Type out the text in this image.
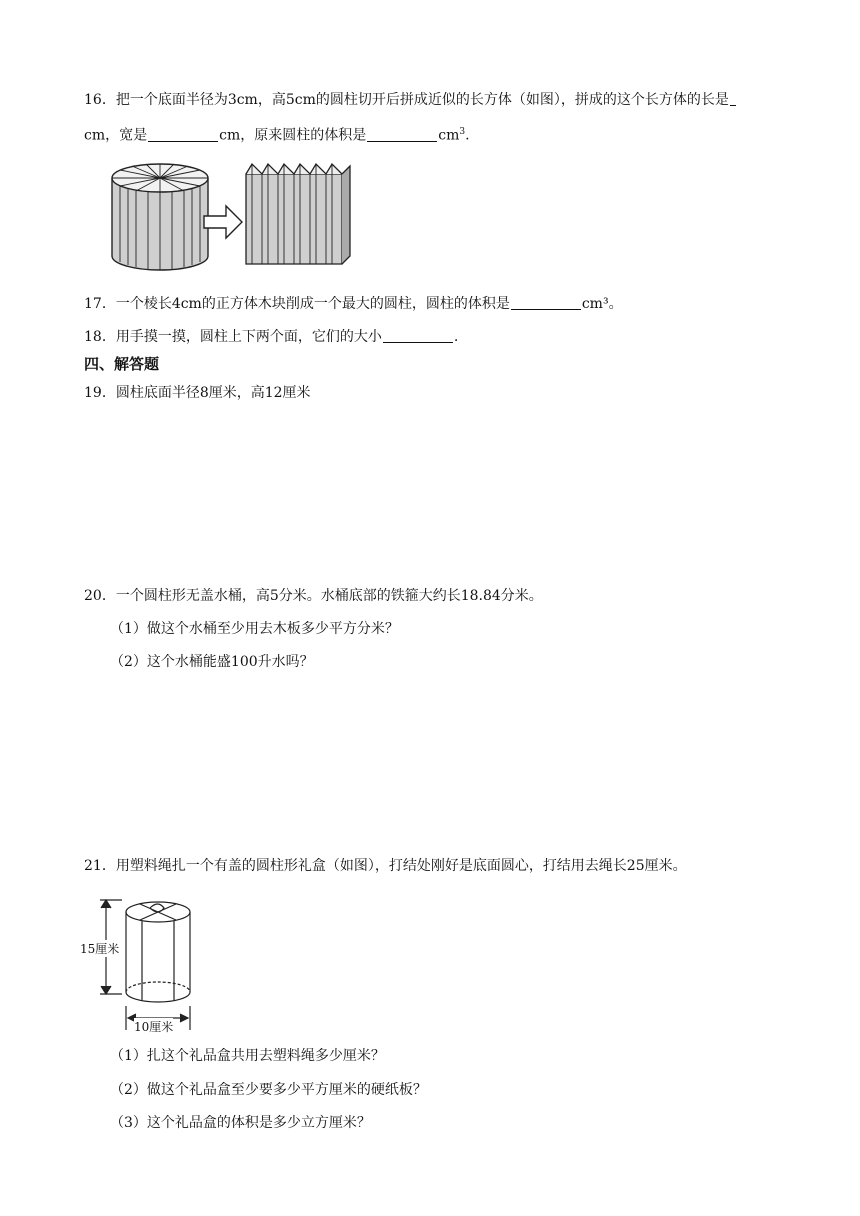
16．把一个底面半径为3cm，高5cm的圆柱切开后拼成近似的长方体（如图），拼成的这个长方体的长是
cm，宽是	cm，原来圆柱的体积是	$cm^3$.
17．一个棱长4cm的正方体木块削成一个最大的圆柱，圆柱的体积是	cm³。
18．用手摸一摸，圆柱上下两个面，它们的大小	.
四、解答题
19．圆柱底面半径8厘米，高12厘米
20．一个圆柱形无盖水桶，高5分米。水桶底部的铁箍大约长18.84分米。
（1）做这个水桶至少用去木板多少平方分米？
（2）这个水桶能盛100升水吗？
21．用塑料绳扎一个有盖的圆柱形礼盒（如图），打结处刚好是底面圆心，打结用去绳长25厘米。
15厘米
10厘米
（1）扎这个礼品盒共用去塑料绳多少厘米？
（2）做这个礼品盒至少要多少平方厘米的硬纸板？
（3）这个礼品盒的体积是多少立方厘米？
